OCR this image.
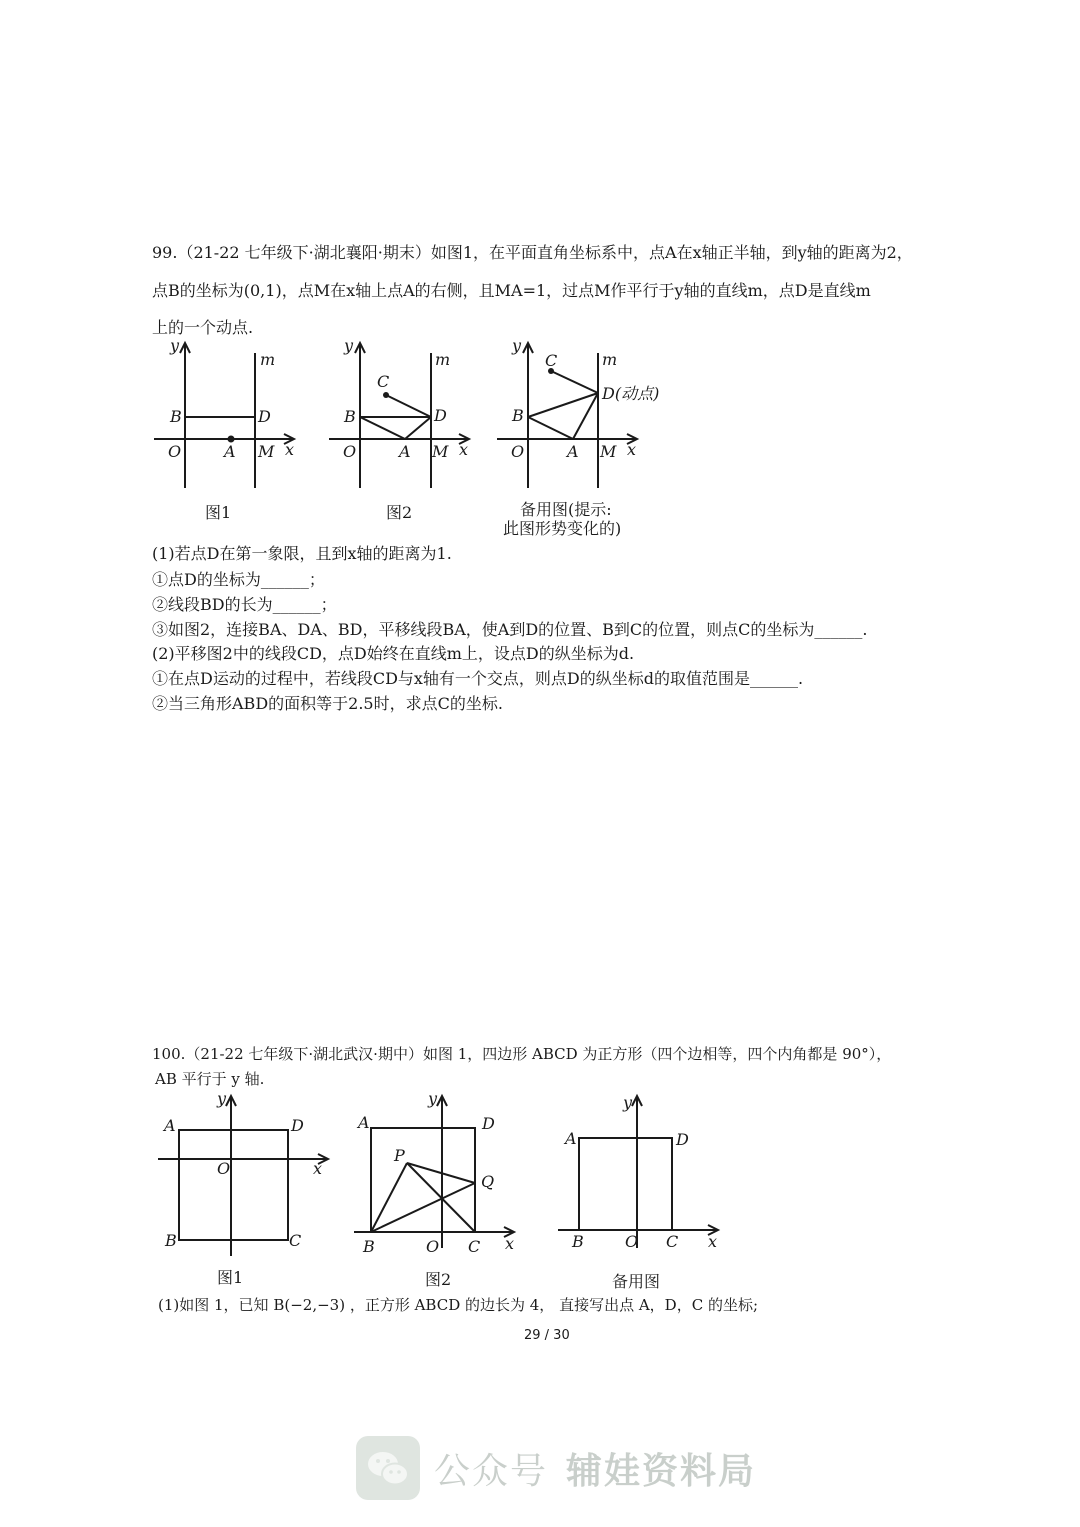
99.（21-22 七年级下·湖北襄阳·期末）如图1，在平面直角坐标系中，点A在x轴正半轴，到y轴的距离为2，
点B的坐标为(0,1)，点M在x轴上点A的右侧，且MA=1，过点M作平行于y轴的直线m，点D是直线m
上的一个动点.
y
m
B	D
O	A M x
图1
y
m
C
B	D
O	A M x
图2
y
C	m
D(动点)
B
O	A M x
备用图(提示:
此图形势变化的)
(1)若点D在第一象限，且到x轴的距离为1.
①点D的坐标为______；
②线段BD的长为______；
③如图2，连接BA、DA、BD，平移线段BA，使A到D的位置、B到C的位置，则点C的坐标为______.
(2)平移图2中的线段CD，点D始终在直线m上，设点D的纵坐标为d.
①在点D运动的过程中，若线段CD与x轴有一个交点，则点D的纵坐标d的取值范围是______.
②当三角形ABD的面积等于2.5时，求点C的坐标.
100.（21-22 七年级下·湖北武汉·期中）如图 1，四边形 ABCD 为正方形（四个边相等，四个内角都是 90°），
AB 平行于 y 轴.
y
A	D
O	x
B	C
图1
y
A	D
P
Q
B	O C x
图2
y
A	D
B	O C x
备用图
(1)如图 1，已知 B(−2,−3) ，正方形 ABCD 的边长为 4， 直接写出点 A，D，C 的坐标;
29 / 30
公众号 辅娃资料局
